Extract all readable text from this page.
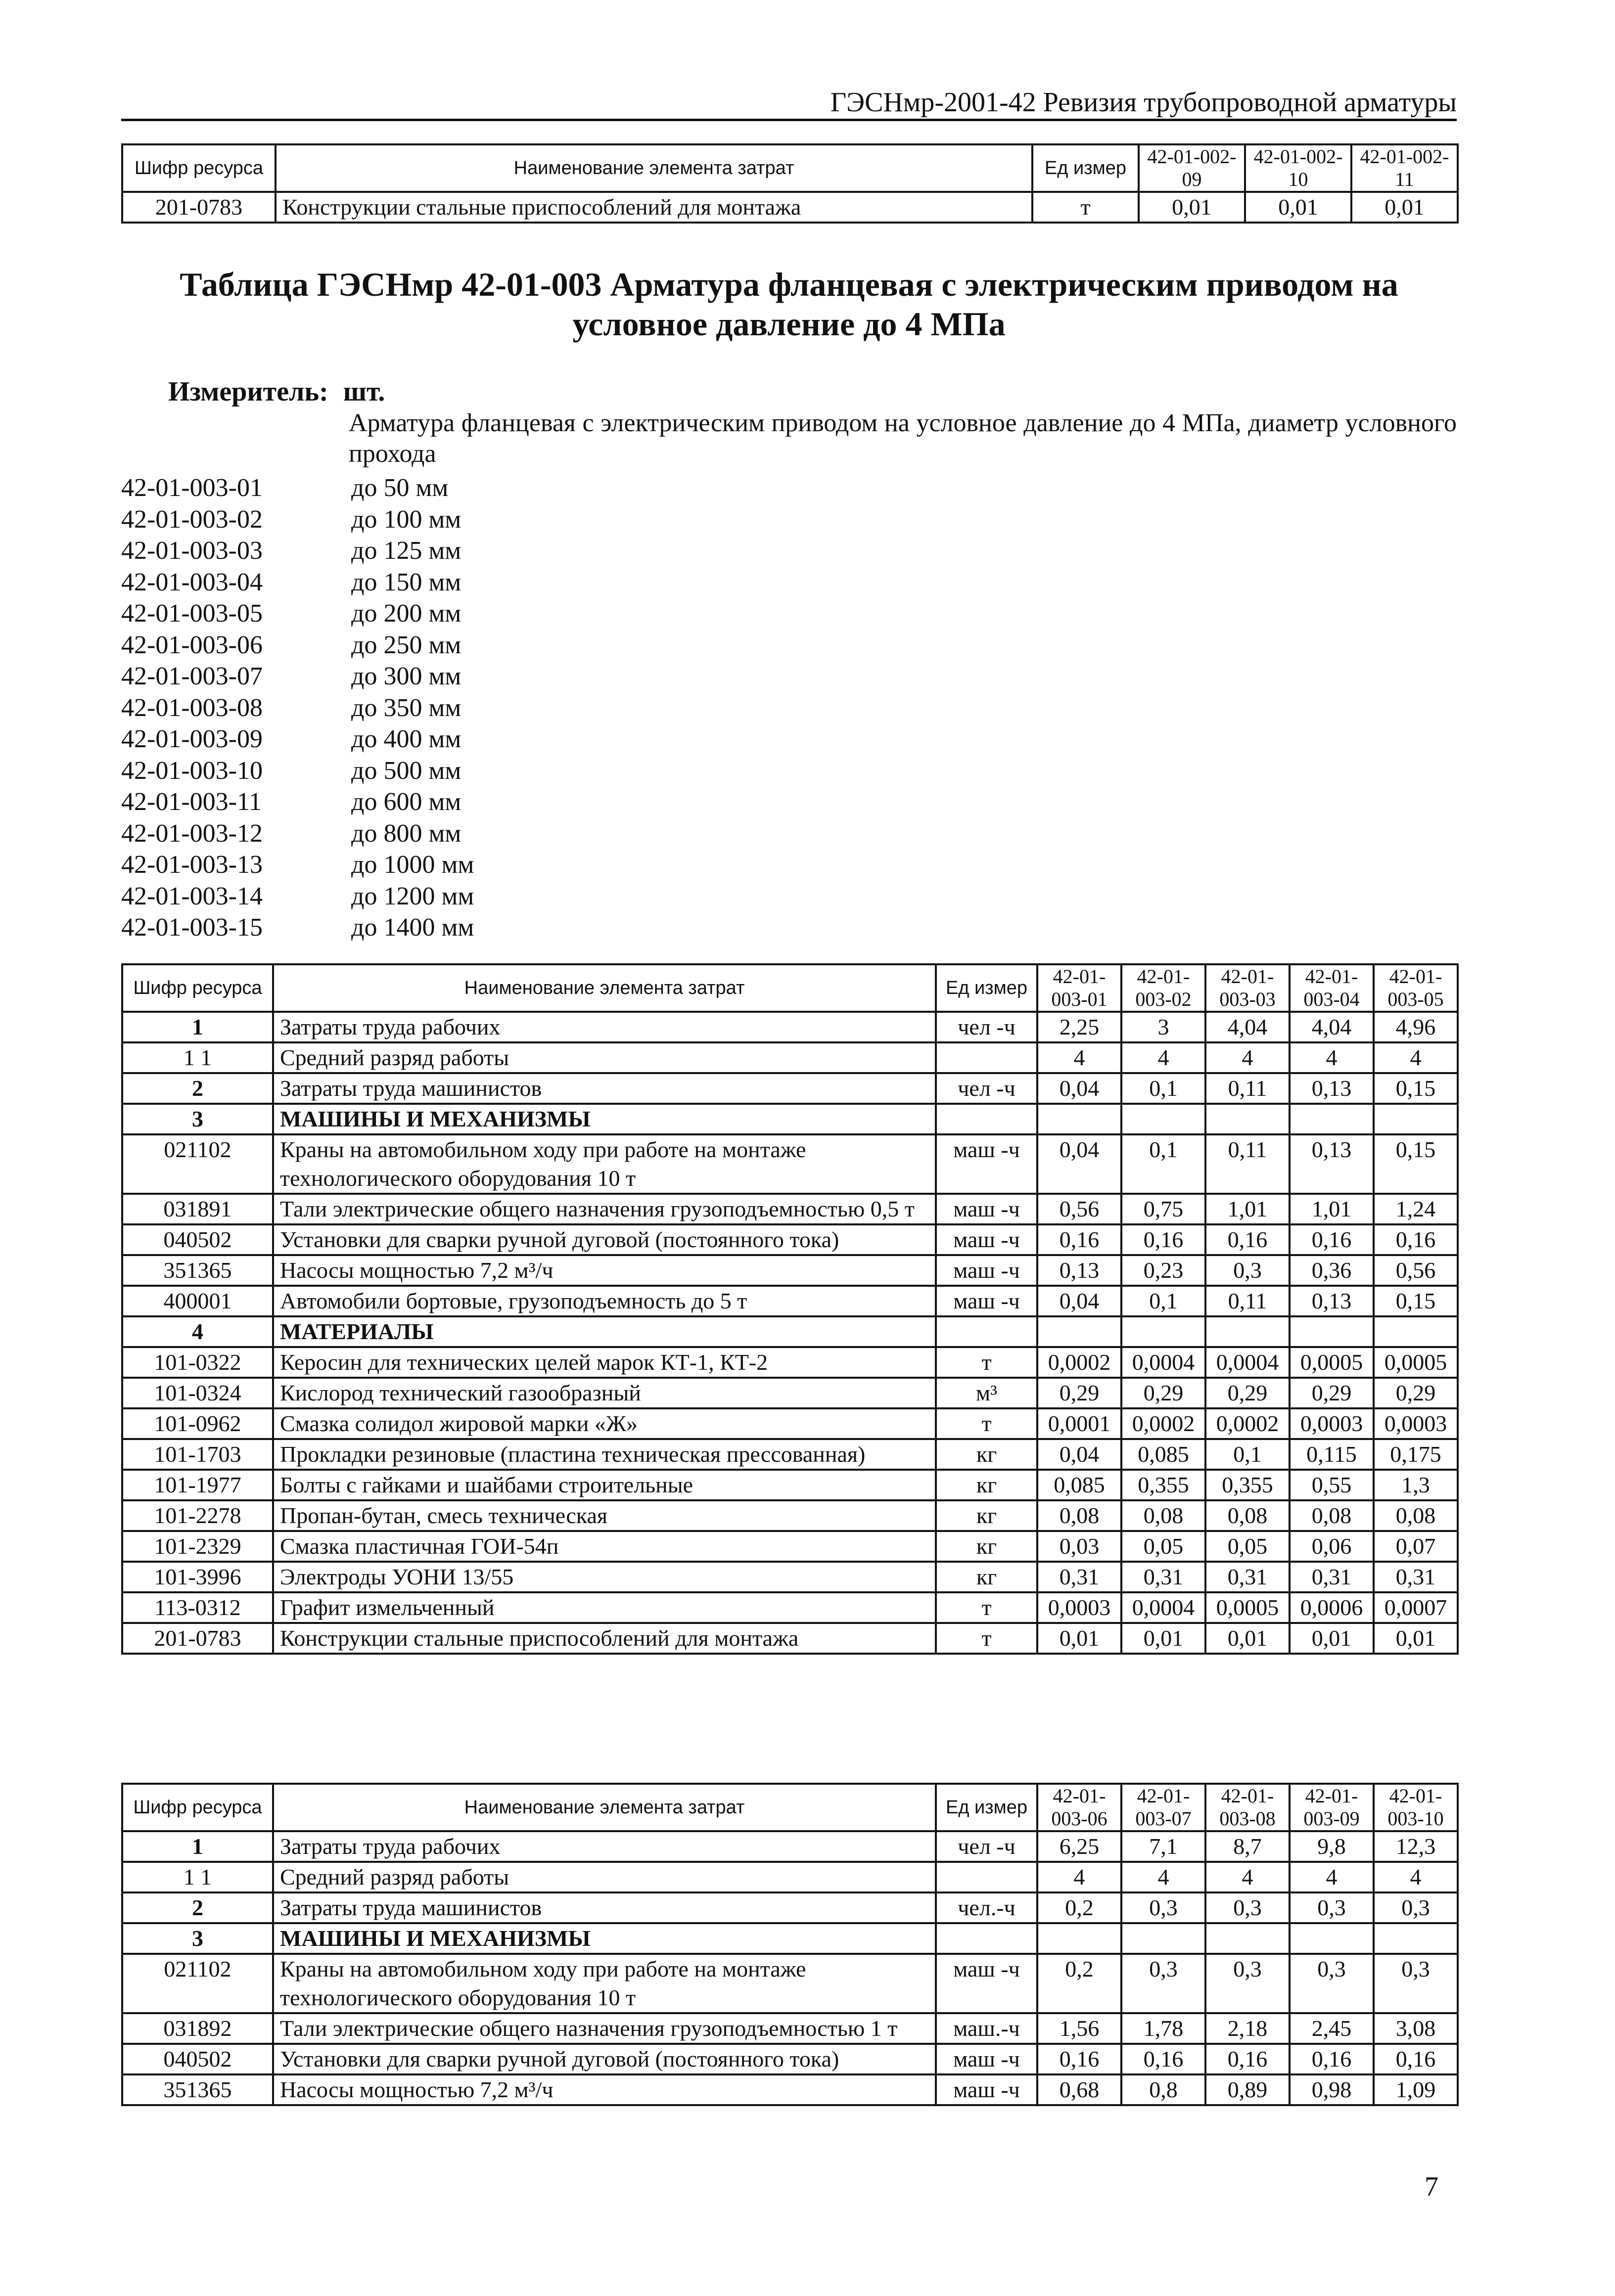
ГЭСНмр-2001-42 Ревизия трубопроводной арматуры
Шифр ресурса	Наименование элемента затрат	Ед измер	42-01-002-09	42-01-002-10	42-01-002-11
201-0783	Конструкции стальные приспособлений для монтажа	т	0,01	0,01	0,01
Таблица ГЭСНмр 42-01-003 Арматура фланцевая с электрическим приводом на условное давление до 4 МПа
Измеритель: шт.
Арматура фланцевая с электрическим приводом на условное давление до 4 МПа, диаметр условного прохода
42-01-003-01	до 50 мм
42-01-003-02	до 100 мм
42-01-003-03	до 125 мм
42-01-003-04	до 150 мм
42-01-003-05	до 200 мм
42-01-003-06	до 250 мм
42-01-003-07	до 300 мм
42-01-003-08	до 350 мм
42-01-003-09	до 400 мм
42-01-003-10	до 500 мм
42-01-003-11	до 600 мм
42-01-003-12	до 800 мм
42-01-003-13	до 1000 мм
42-01-003-14	до 1200 мм
42-01-003-15	до 1400 мм
Шифр ресурса	Наименование элемента затрат	Ед измер	42-01-003-01	42-01-003-02	42-01-003-03	42-01-003-04	42-01-003-05
1	Затраты труда рабочих	чел -ч	2,25	3	4,04	4,04	4,96
1 1	Средний разряд работы		4	4	4	4	4
2	Затраты труда машинистов	чел -ч	0,04	0,1	0,11	0,13	0,15
3	МАШИНЫ И МЕХАНИЗМЫ						
021102	Краны на автомобильном ходу при работе на монтаже технологического оборудования 10 т	маш -ч	0,04	0,1	0,11	0,13	0,15
031891	Тали электрические общего назначения грузоподъемностью 0,5 т	маш -ч	0,56	0,75	1,01	1,01	1,24
040502	Установки для сварки ручной дуговой (постоянного тока)	маш -ч	0,16	0,16	0,16	0,16	0,16
351365	Насосы мощностью 7,2 м³/ч	маш -ч	0,13	0,23	0,3	0,36	0,56
400001	Автомобили бортовые, грузоподъемность до 5 т	маш -ч	0,04	0,1	0,11	0,13	0,15
4	МАТЕРИАЛЫ						
101-0322	Керосин для технических целей марок КТ-1, КТ-2	т	0,0002	0,0004	0,0004	0,0005	0,0005
101-0324	Кислород технический газообразный	м³	0,29	0,29	0,29	0,29	0,29
101-0962	Смазка солидол жировой марки «Ж»	т	0,0001	0,0002	0,0002	0,0003	0,0003
101-1703	Прокладки резиновые (пластина техническая прессованная)	кг	0,04	0,085	0,1	0,115	0,175
101-1977	Болты с гайками и шайбами строительные	кг	0,085	0,355	0,355	0,55	1,3
101-2278	Пропан-бутан, смесь техническая	кг	0,08	0,08	0,08	0,08	0,08
101-2329	Смазка пластичная ГОИ-54п	кг	0,03	0,05	0,05	0,06	0,07
101-3996	Электроды УОНИ 13/55	кг	0,31	0,31	0,31	0,31	0,31
113-0312	Графит измельченный	т	0,0003	0,0004	0,0005	0,0006	0,0007
201-0783	Конструкции стальные приспособлений для монтажа	т	0,01	0,01	0,01	0,01	0,01
Шифр ресурса	Наименование элемента затрат	Ед измер	42-01-003-06	42-01-003-07	42-01-003-08	42-01-003-09	42-01-003-10
1	Затраты труда рабочих	чел -ч	6,25	7,1	8,7	9,8	12,3
1 1	Средний разряд работы		4	4	4	4	4
2	Затраты труда машинистов	чел.-ч	0,2	0,3	0,3	0,3	0,3
3	МАШИНЫ И МЕХАНИЗМЫ						
021102	Краны на автомобильном ходу при работе на монтаже технологического оборудования 10 т	маш -ч	0,2	0,3	0,3	0,3	0,3
031892	Тали электрические общего назначения грузоподъемностью 1 т	маш.-ч	1,56	1,78	2,18	2,45	3,08
040502	Установки для сварки ручной дуговой (постоянного тока)	маш -ч	0,16	0,16	0,16	0,16	0,16
351365	Насосы мощностью 7,2 м³/ч	маш -ч	0,68	0,8	0,89	0,98	1,09
7
